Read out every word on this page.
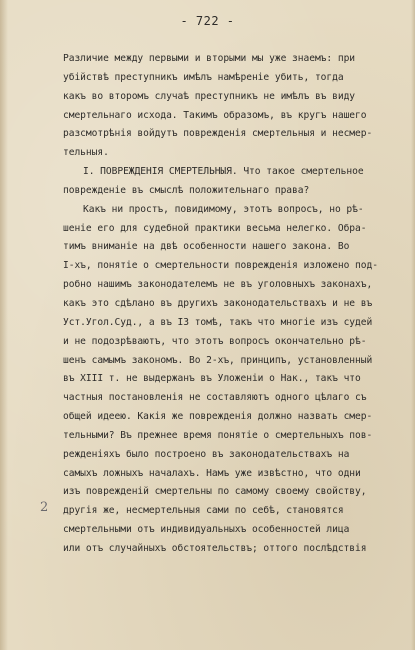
- 722 -
2
Различие между первыми и вторыми мы уже знаемъ: при
убійствѣ преступникъ имѣлъ намѣреніе убить, тогда
какъ во второмъ случаѣ преступникъ не имѣлъ въ виду
смертельнаго исхода. Такимъ образомъ, въ кругъ нашего
разсмотрѣнія войдутъ поврежденія смертельныя и несмер-
тельныя.
I. ПОВРЕЖДЕНІЯ СМЕРТЕЛЬНЫЯ. Что такое смертельное
поврежденіе въ смыслѣ положительнаго права?
Какъ ни простъ, повидимому, этотъ вопросъ, но рѣ-
шеніе его для судебной практики весьма нелегко. Обра-
тимъ вниманіе на двѣ особенности нашего закона. Во
I-хъ, понятіе о смертельности поврежденія изложено под-
робно нашимъ законодателемъ не въ уголовныхъ законахъ,
какъ это сдѣлано въ другихъ законодательствахъ и не въ
Уст.Угол.Суд., а въ I3 томѣ, такъ что многіе изъ судей
и не подозрѣваютъ, что этотъ вопросъ окончательно рѣ-
шенъ самымъ закономъ. Во 2-хъ, принципъ, установленный
въ XIII т. не выдержанъ въ Уложеніи о Нак., такъ что
частныя постановленія не составляютъ одного цѣлаго съ
общей идеею. Какія же поврежденія должно назвать смер-
тельными? Въ прежнее время понятіе о смертельныхъ пов-
режденіяхъ было построено въ законодательствахъ на
самыхъ ложныхъ началахъ. Намъ уже извѣстно, что одни
изъ поврежденій смертельны по самому своему свойству,
другія же, несмертельныя сами по себѣ, становятся
смертельными отъ индивидуальныхъ особенностей лица
или отъ случайныхъ обстоятельствъ; оттого послѣдствія
